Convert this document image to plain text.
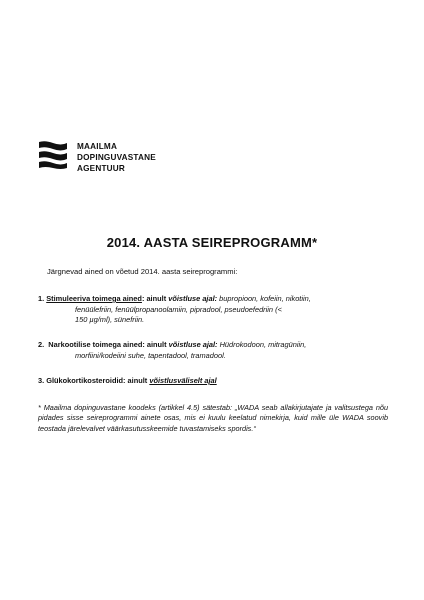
MAAILMA
DOPINGUVASTANE
AGENTUUR
2014. AASTA SEIREPROGRAMM*
Järgnevad ained on võetud 2014. aasta seireprogrammi:
1. Stimuleeriva toimega ained: ainult võistluse ajal: bupropioon, kofeiin, nikotiin,
fenüülefriin, fenüülpropanoolamiin, pipradool, pseudoefedriin (<
150 µg/ml), sünefriin.
2. Narkootilise toimega ained: ainult võistluse ajal: Hüdrokodoon, mitragüniin,
morfiini/kodeiini suhe, tapentadool, tramadool.
3. Glükokortikosteroidid: ainult võistlusväliselt ajal
* Maailma dopinguvastane koodeks (artikkel 4.5) sätestab: „WADA seab allakirjutajate ja valitsustega nõu pidades sisse seireprogrammi ainete osas, mis ei kuulu keelatud nimekirja, kuid mille üle WADA soovib teostada järelevalvet väärkasutusskeemide tuvastamiseks spordis.“
